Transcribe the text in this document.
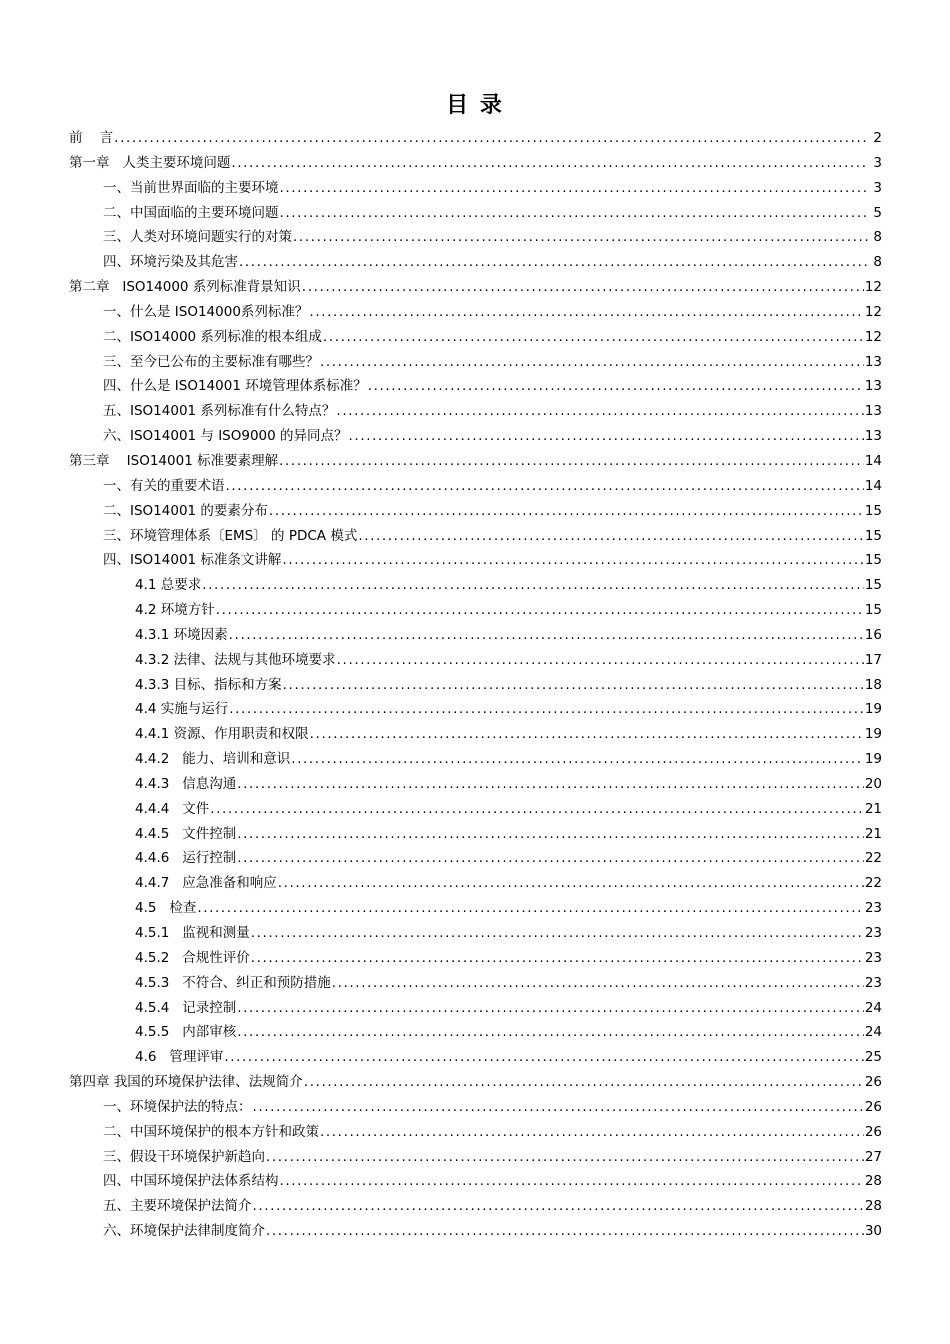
目 录
前    言 .....	2
第一章   人类主要环境问题 .....	3
一、当前世界面临的主要环境 .....	3
二、中国面临的主要环境问题 .....	5
三、人类对环境问题实行的对策 .....	8
四、环境污染及其危害 .....	8
第二章   ISO14000 系列标准背景知识 .....	12
一、什么是 ISO14000系列标准？ .....	12
二、ISO14000 系列标准的根本组成 .....	12
三、至今已公布的主要标准有哪些？ .....	13
四、什么是 ISO14001 环境管理体系标准？ .....	13
五、ISO14001 系列标准有什么特点？ .....	13
六、ISO14001 与 ISO9000 的异同点？ .....	13
第三章    ISO14001 标准要素理解 .....	14
一、有关的重要术语 .....	14
二、ISO14001 的要素分布 .....	15
三、环境管理体系〔EMS〕 的 PDCA 模式 .....	15
四、ISO14001 标准条文讲解 .....	15
4.1 总要求 .....	15
4.2 环境方针 .....	15
4.3.1 环境因素 .....	16
4.3.2 法律、法规与其他环境要求 .....	17
4.3.3 目标、指标和方案 .....	18
4.4 实施与运行 .....	19
4.4.1 资源、作用职责和权限 .....	19
4.4.2   能力、培训和意识 .....	19
4.4.3   信息沟通 .....	20
4.4.4   文件 .....	21
4.4.5   文件控制 .....	21
4.4.6   运行控制 .....	22
4.4.7   应急准备和响应 .....	22
4.5   检查 .....	23
4.5.1   监视和测量 .....	23
4.5.2   合规性评价 .....	23
4.5.3   不符合、纠正和预防措施 .....	23
4.5.4   记录控制 .....	24
4.5.5   内部审核 .....	24
4.6   管理评审 .....	25
第四章 我国的环境保护法律、法规简介 .....	26
一、环境保护法的特点： .....	26
二、中国环境保护的根本方针和政策 .....	26
三、假设干环境保护新趋向 .....	27
四、中国环境保护法体系结构 .....	28
五、主要环境保护法简介 .....	28
六、环境保护法律制度简介 .....	30
